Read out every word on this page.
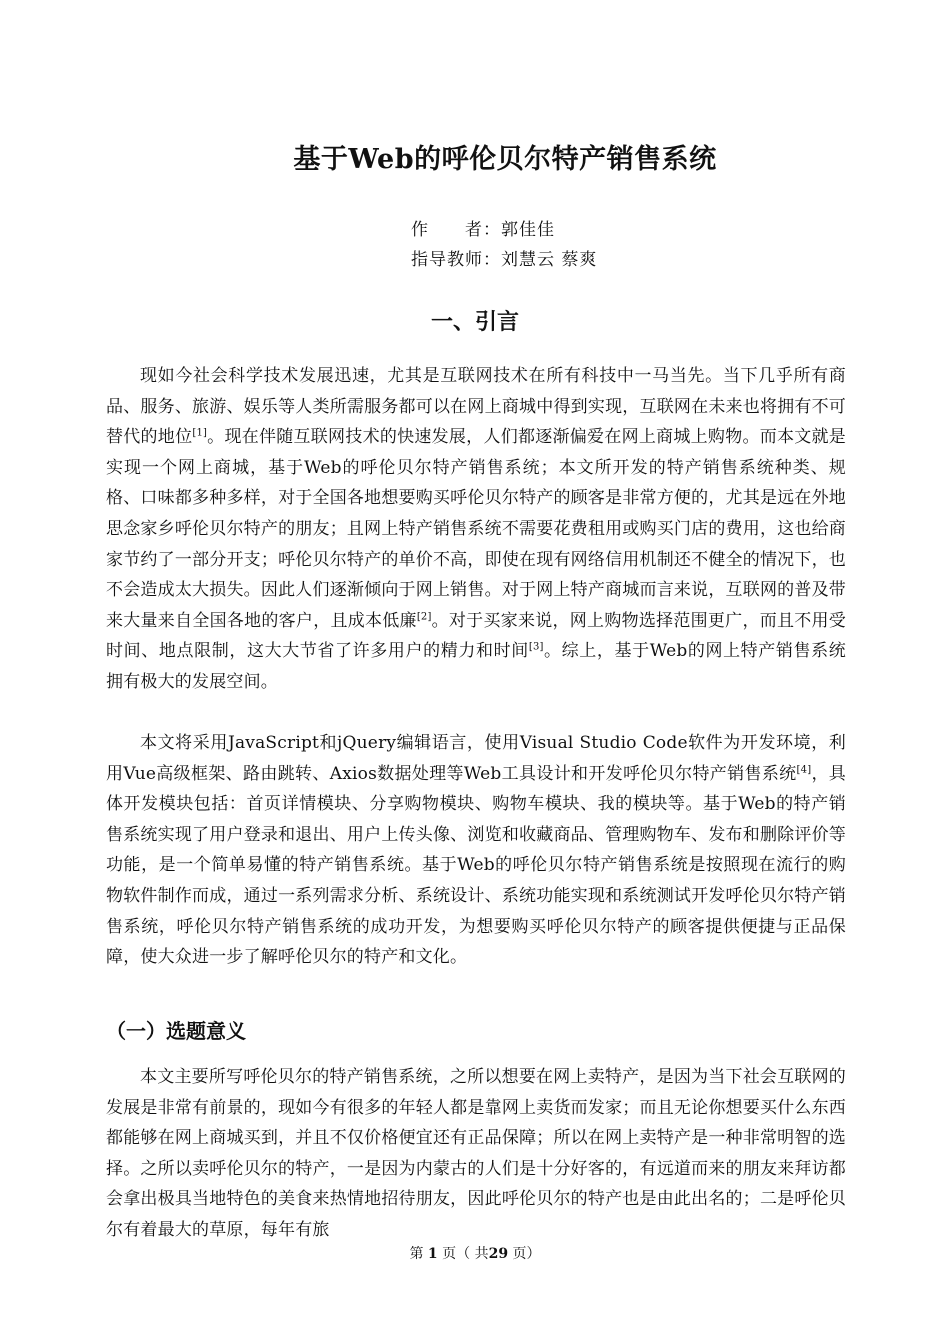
基于Web的呼伦贝尔特产销售系统
作　　者：郭佳佳
指导教师：刘慧云 蔡爽
一、引言

现如今社会科学技术发展迅速，尤其是互联网技术在所有科技中一马当先。当下几乎所有商品、服务、旅游、娱乐等人类所需服务都可以在网上商城中得到实现，互联网在未来也将拥有不可替代的地位[1]。现在伴随互联网技术的快速发展，人们都逐渐偏爱在网上商城上购物。而本文就是实现一个网上商城，基于Web的呼伦贝尔特产销售系统；本文所开发的特产销售系统种类、规格、口味都多种多样，对于全国各地想要购买呼伦贝尔特产的顾客是非常方便的，尤其是远在外地思念家乡呼伦贝尔特产的朋友；且网上特产销售系统不需要花费租用或购买门店的费用，这也给商家节约了一部分开支；呼伦贝尔特产的单价不高，即使在现有网络信用机制还不健全的情况下，也不会造成太大损失。因此人们逐渐倾向于网上销售。对于网上特产商城而言来说，互联网的普及带来大量来自全国各地的客户，且成本低廉[2]。对于买家来说，网上购物选择范围更广，而且不用受时间、地点限制，这大大节省了许多用户的精力和时间[3]。综上，基于Web的网上特产销售系统拥有极大的发展空间。

本文将采用JavaScript和jQuery编辑语言，使用Visual Studio Code软件为开发环境，利用Vue高级框架、路由跳转、Axios数据处理等Web工具设计和开发呼伦贝尔特产销售系统[4]，具体开发模块包括：首页详情模块、分享购物模块、购物车模块、我的模块等。基于Web的特产销售系统实现了用户登录和退出、用户上传头像、浏览和收藏商品、管理购物车、发布和删除评价等功能，是一个简单易懂的特产销售系统。基于Web的呼伦贝尔特产销售系统是按照现在流行的购物软件制作而成，通过一系列需求分析、系统设计、系统功能实现和系统测试开发呼伦贝尔特产销售系统，呼伦贝尔特产销售系统的成功开发，为想要购买呼伦贝尔特产的顾客提供便捷与正品保障，使大众进一步了解呼伦贝尔的特产和文化。

（一）选题意义

本文主要所写呼伦贝尔的特产销售系统，之所以想要在网上卖特产，是因为当下社会互联网的发展是非常有前景的，现如今有很多的年轻人都是靠网上卖货而发家；而且无论你想要买什么东西都能够在网上商城买到，并且不仅价格便宜还有正品保障；所以在网上卖特产是一种非常明智的选择。之所以卖呼伦贝尔的特产，一是因为内蒙古的人们是十分好客的，有远道而来的朋友来拜访都会拿出极具当地特色的美食来热情地招待朋友，因此呼伦贝尔的特产也是由此出名的；二是呼伦贝尔有着最大的草原，每年有旅

第 1 页（ 共29 页）
